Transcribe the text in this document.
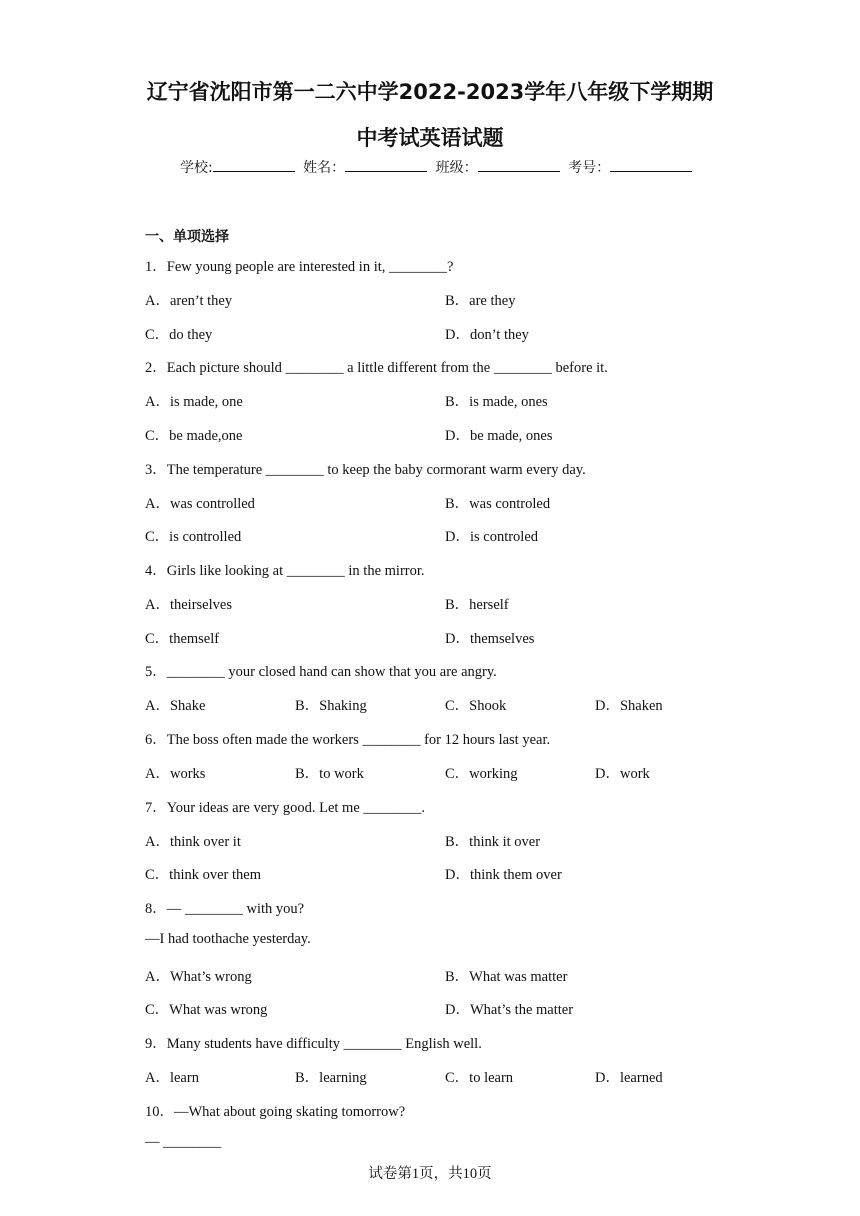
辽宁省沈阳市第一二六中学2022-2023学年八年级下学期期
中考试英语试题
学校:	姓名：	班级：	考号：
一、单项选择
1．Few young people are interested in it, ________?
A．aren’t they	B．are they
C．do they	D．don’t they
2．Each picture should ________ a little different from the ________ before it.
A．is made, one	B．is made, ones
C．be made,one	D．be made, ones
3．The temperature ________ to keep the baby cormorant warm every day.
A．was controlled	B．was controled
C．is controlled	D．is controled
4．Girls like looking at ________ in the mirror.
A．theirselves	B．herself
C．themself	D．themselves
5．________ your closed hand can show that you are angry.
A．Shake	B．Shaking	C．Shook	D．Shaken
6．The boss often made the workers ________ for 12 hours last year.
A．works	B．to work	C．working	D．work
7．Your ideas are very good. Let me ________.
A．think over it	B．think it over
C．think over them	D．think them over
8．— ________ with you?
—I had toothache yesterday.
A．What’s wrong	B．What was matter
C．What was wrong	D．What’s the matter
9．Many students have difficulty ________ English well.
A．learn	B．learning	C．to learn	D．learned
10．—What about going skating tomorrow?
— ________
试卷第1页，共10页
